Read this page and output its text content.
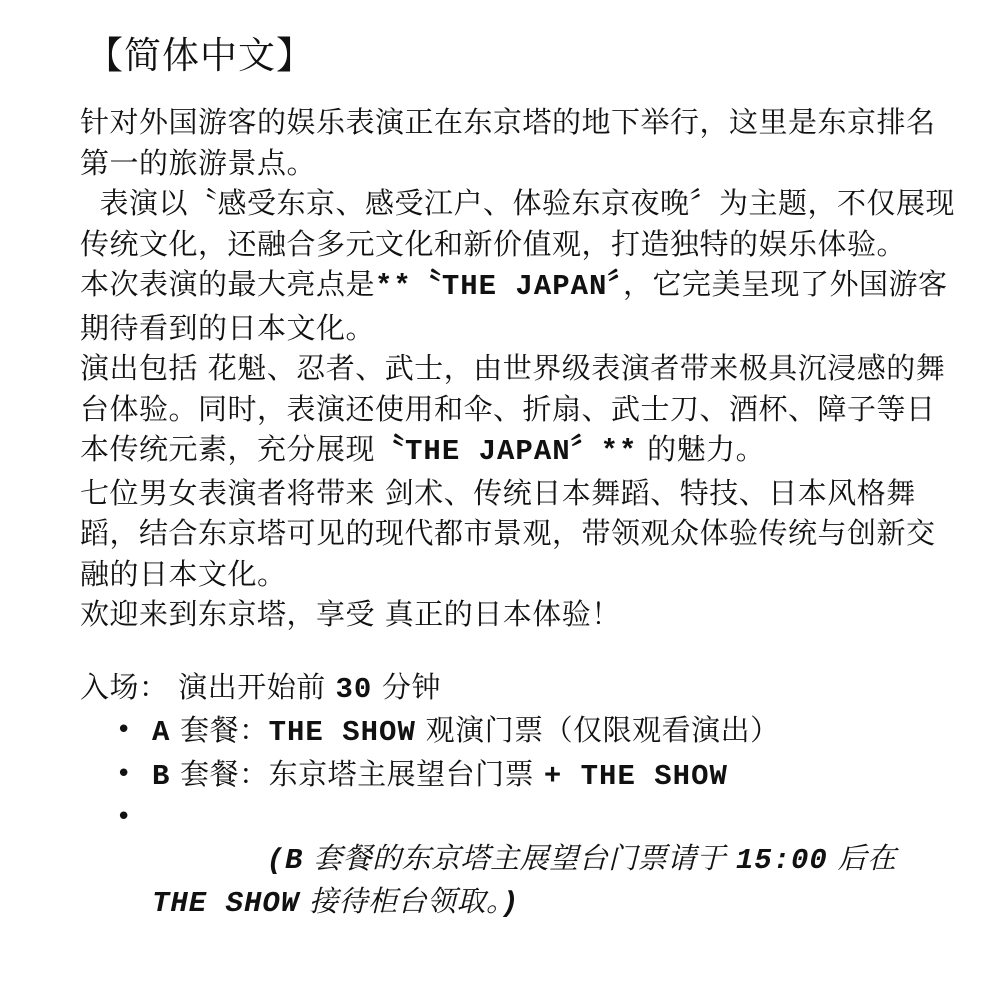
【简体中文】

针对外国游客的娱乐表演正在东京塔的地下举行，这里是东京排名第一的旅游景点。

表演以〝感受东京、感受江户、体验东京夜晚〞为主题，不仅展现传统文化，还融合多元文化和新价值观，打造独特的娱乐体验。

本次表演的最大亮点是**〝THE JAPAN〞，它完美呈现了外国游客期待看到的日本文化。

演出包括 花魁、忍者、武士，由世界级表演者带来极具沉浸感的舞台体验。同时，表演还使用和伞、折扇、武士刀、酒杯、障子等日本传统元素，充分展现〝THE JAPAN〞** 的魅力。

七位男女表演者将带来 剑术、传统日本舞蹈、特技、日本风格舞蹈，结合东京塔可见的现代都市景观，带领观众体验传统与创新交融的日本文化。

欢迎来到东京塔，享受 真正的日本体验！

入场： 演出开始前 30 分钟

• A 套餐：THE SHOW 观演门票（仅限观看演出）
• B 套餐：东京塔主展望台门票 + THE SHOW

•
(B 套餐的东京塔主展望台门票请于 15:00 后在 THE SHOW 接待柜台领取。)
